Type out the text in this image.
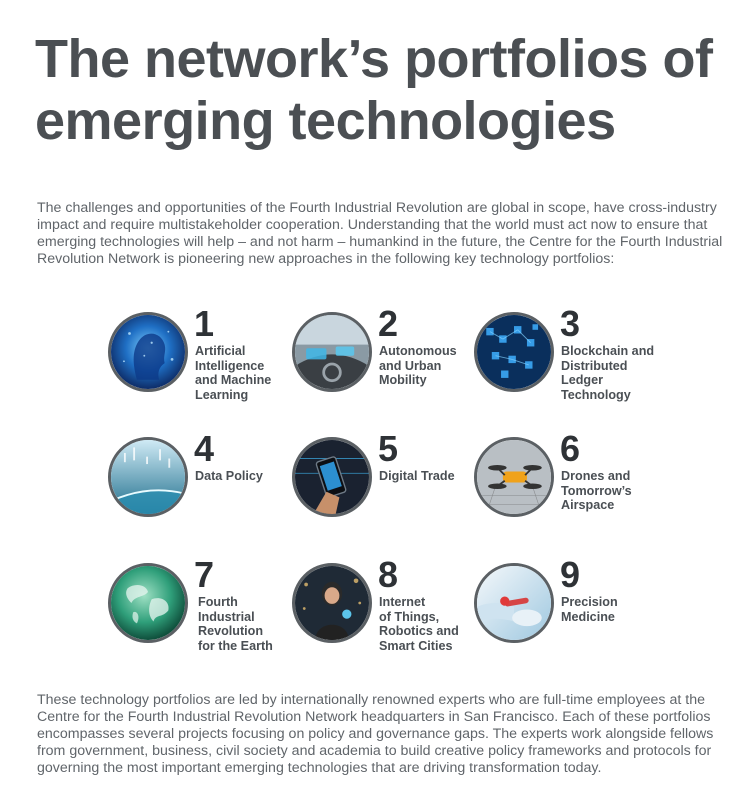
The network’s portfolios of emerging technologies

The challenges and opportunities of the Fourth Industrial Revolution are global in scope, have cross-industry impact and require multistakeholder cooperation. Understanding that the world must act now to ensure that emerging technologies will help – and not harm – humankind in the future, the Centre for the Fourth Industrial Revolution Network is pioneering new approaches in the following key technology portfolios:

1
Artificial
Intelligence
and Machine
Learning
2
Autonomous
and Urban
Mobility
3
Blockchain and
Distributed Ledger
Technology
4
Data Policy
5
Digital Trade
6
Drones and
Tomorrow’s
Airspace
7
Fourth
Industrial
Revolution
for the Earth
8
Internet
of Things,
Robotics and
Smart Cities
9
Precision
Medicine

These technology portfolios are led by internationally renowned experts who are full-time employees at the Centre for the Fourth Industrial Revolution Network headquarters in San Francisco. Each of these portfolios encompasses several projects focusing on policy and governance gaps. The experts work alongside fellows from government, business, civil society and academia to build creative policy frameworks and protocols for governing the most important emerging technologies that are driving transformation today.
